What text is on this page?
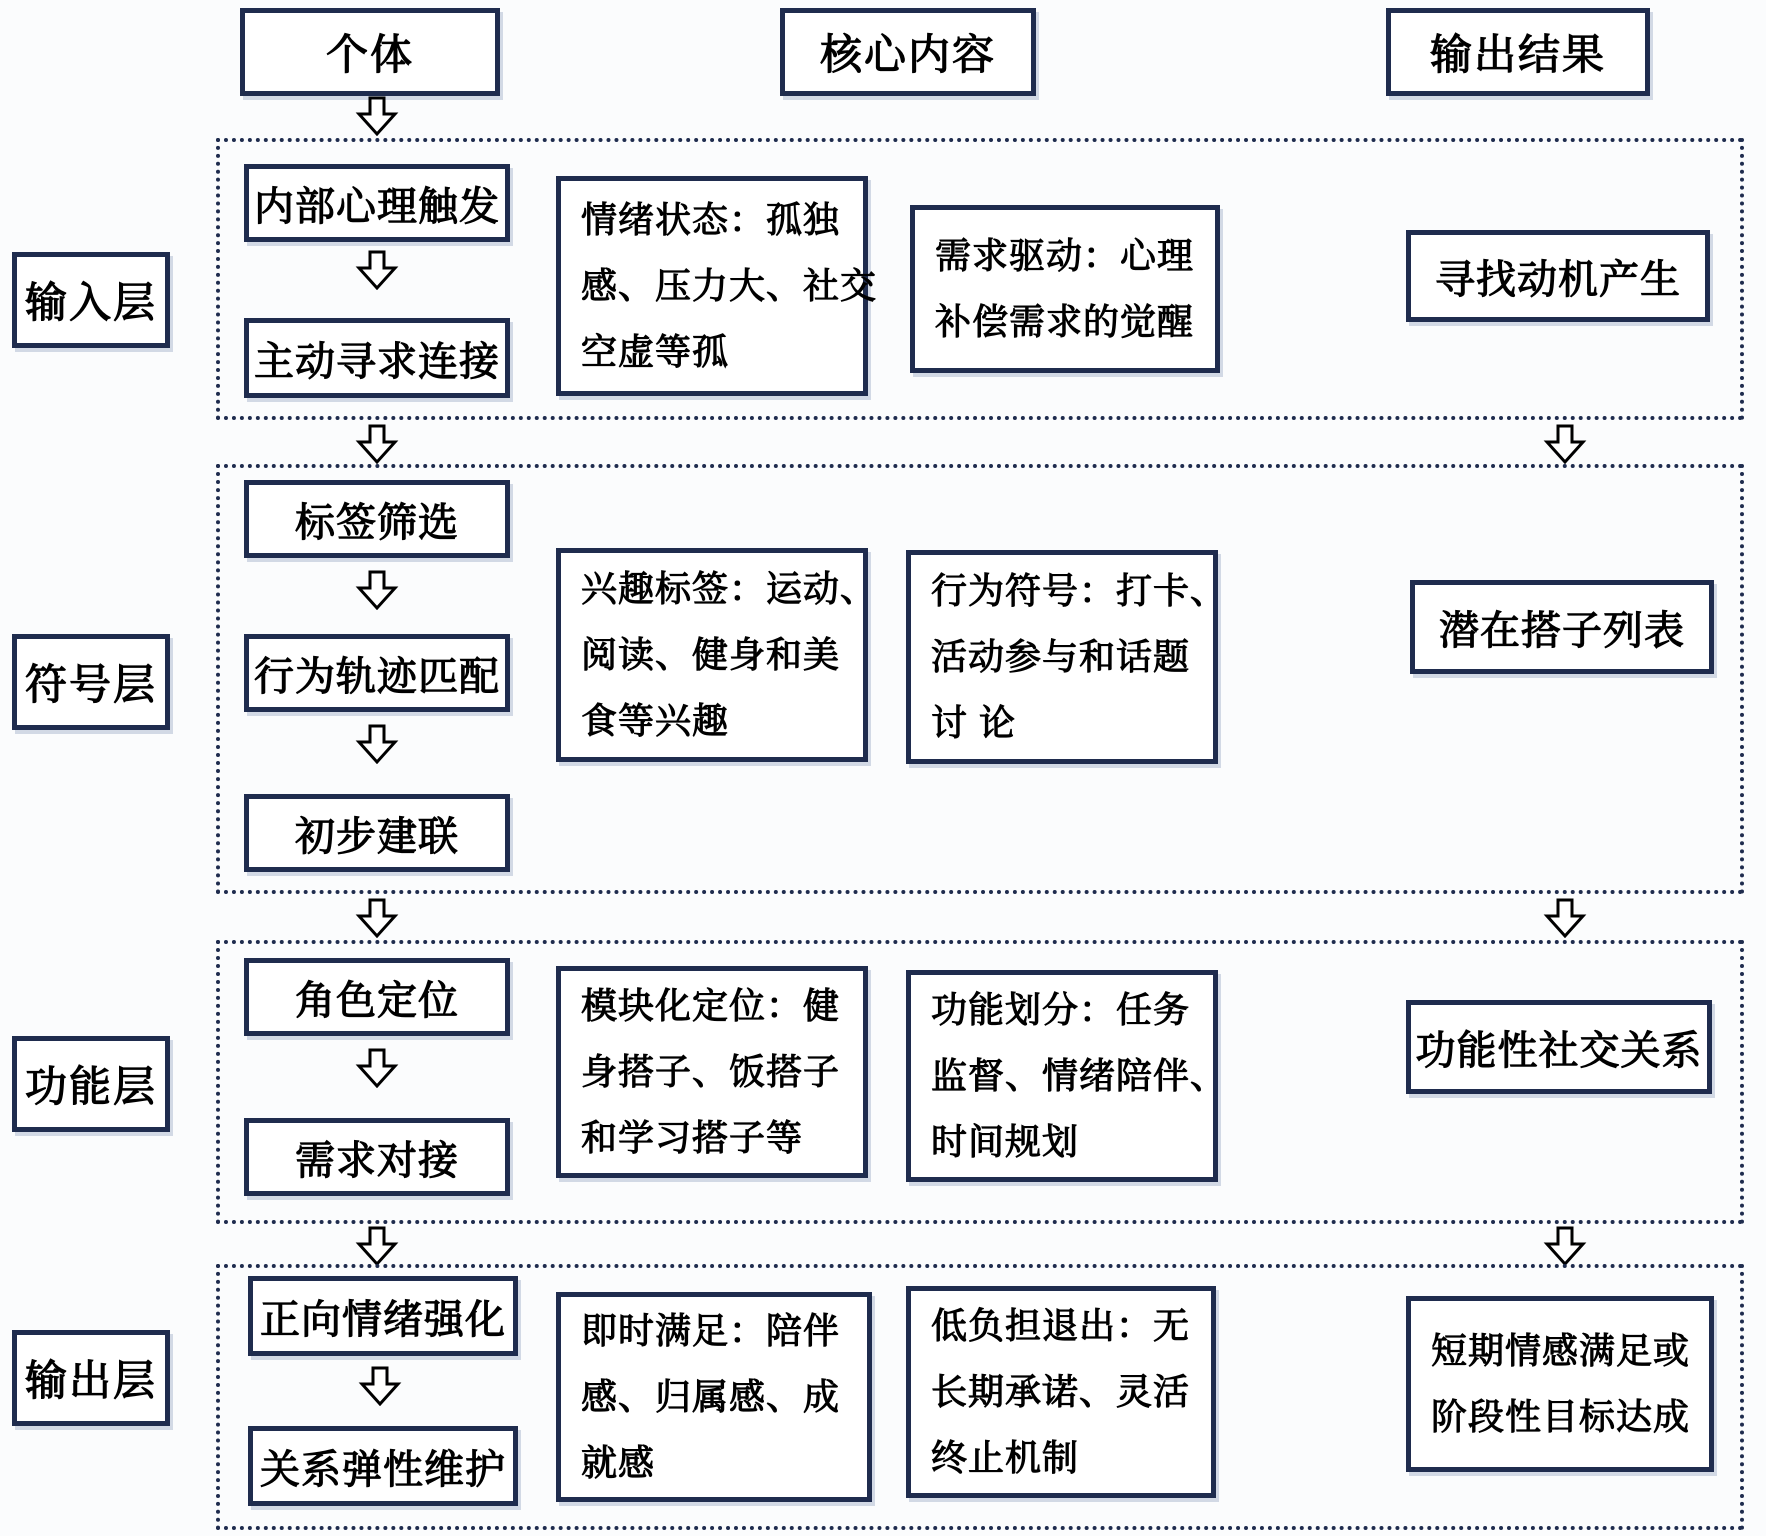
个体	核心内容	输出结果
输入层
符号层
功能层
输出层
内部心理触发
主动寻求连接
情绪状态：孤独
感、压力大、社交
空虚等孤
需求驱动：心理
补偿需求的觉醒
寻找动机产生
标签筛选
行为轨迹匹配
初步建联
兴趣标签：运动、
阅读、健身和美
食等兴趣
行为符号：打卡、
活动参与和话题
讨 论
潜在搭子列表
角色定位
需求对接
模块化定位：健
身搭子、饭搭子
和学习搭子等
功能划分：任务
监督、情绪陪伴、
时间规划
功能性社交关系
正向情绪强化
关系弹性维护
即时满足：陪伴
感、归属感、成
就感
低负担退出：无
长期承诺、灵活
终止机制
短期情感满足或
阶段性目标达成
